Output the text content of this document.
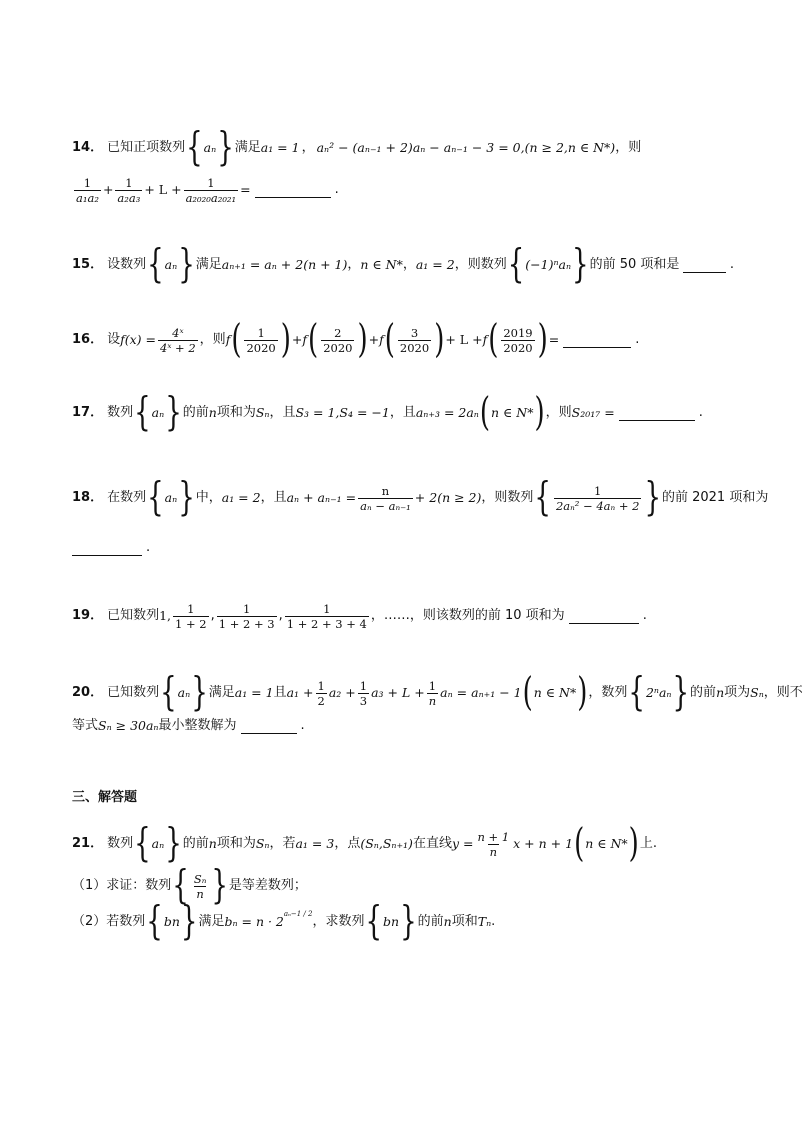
14． 已知正项数列 { aₙ } 满足 a₁ = 1 ， aₙ² − (aₙ₋₁ + 2)aₙ − aₙ₋₁ − 3 = 0,(n ≥ 2,n ∈ N*) ，则
$\frac{1}{\text{a₁a₂}} + \frac{1}{\text{a₂a₃}} + L + \frac{1}{\text{a₂₀₂₀a₂₀₂₁}}$ =	.
15． 设数列 { aₙ } 满足 aₙ₊₁ = aₙ + 2(n + 1) ， n ∈ N* ， a₁ = 2 ，则数列 { (−1)ⁿaₙ } 的前 50 项和是	.
16． 设 $f(x) = \frac{\text{4ˣ}}{\text{4ˣ + 2}}$ ，则 f ( $\frac{1}{2020}$ ) + f ( $\frac{2}{2020}$ ) + f ( $\frac{3}{2020}$ ) + L + f ( $\frac{2019}{2020}$ ) =	.
17． 数列 { aₙ } 的前 n 项和为 Sₙ ，且 S₃ = 1,S₄ = −1 ，且 aₙ₊₃ = 2aₙ ( n ∈ N* ) ，则 S₂₀₁₇ =	.
18． 在数列 { aₙ } 中， a₁ = 2 ，且 $a_n + a_{n-1} = \frac{n}{\text{aₙ − aₙ₋₁}} + 2(n \ge 2)$ ，则数列 { $\frac{1}{\text{2aₙ² − 4aₙ + 2}}$ } 的前 2021 项和为
.
19． 已知数列 1, $\frac{1}{1 + 2}$ , $\frac{1}{1 + 2 + 3}$ , $\frac{1}{1 + 2 + 3 + 4}$ ，……，则该数列的前 10 项和为	.
20． 已知数列 { aₙ } 满足 a₁ = 1 且 $a_1 + \frac{1}{2} a_2 + \frac{1}{3} a_3 + L + \frac{1}{n}$ aₙ = aₙ₊₁ − 1 ( n ∈ N* ) ，数列 { 2ⁿaₙ } 的前 n 项为 Sₙ ，则不
等式 Sₙ ≥ 30aₙ 最小整数解为	.
三、解答题
21． 数列 { aₙ } 的前 n 项和为 Sₙ ，若 a₁ = 3 ，点 (Sₙ,Sₙ₊₁) 在直线 $y = \frac{n + 1}{n}$ x + n + 1 ( n ∈ N* ) 上.
（1）求证：数列 { $\frac{\text{Sₙ}}{n}$ } 是等差数列；
（2）若数列 { bn } 满足 $b_n = n \cdot 2^{a_n-1 / 2}$ ，求数列 { bn } 的前 n 项和 Tₙ .
